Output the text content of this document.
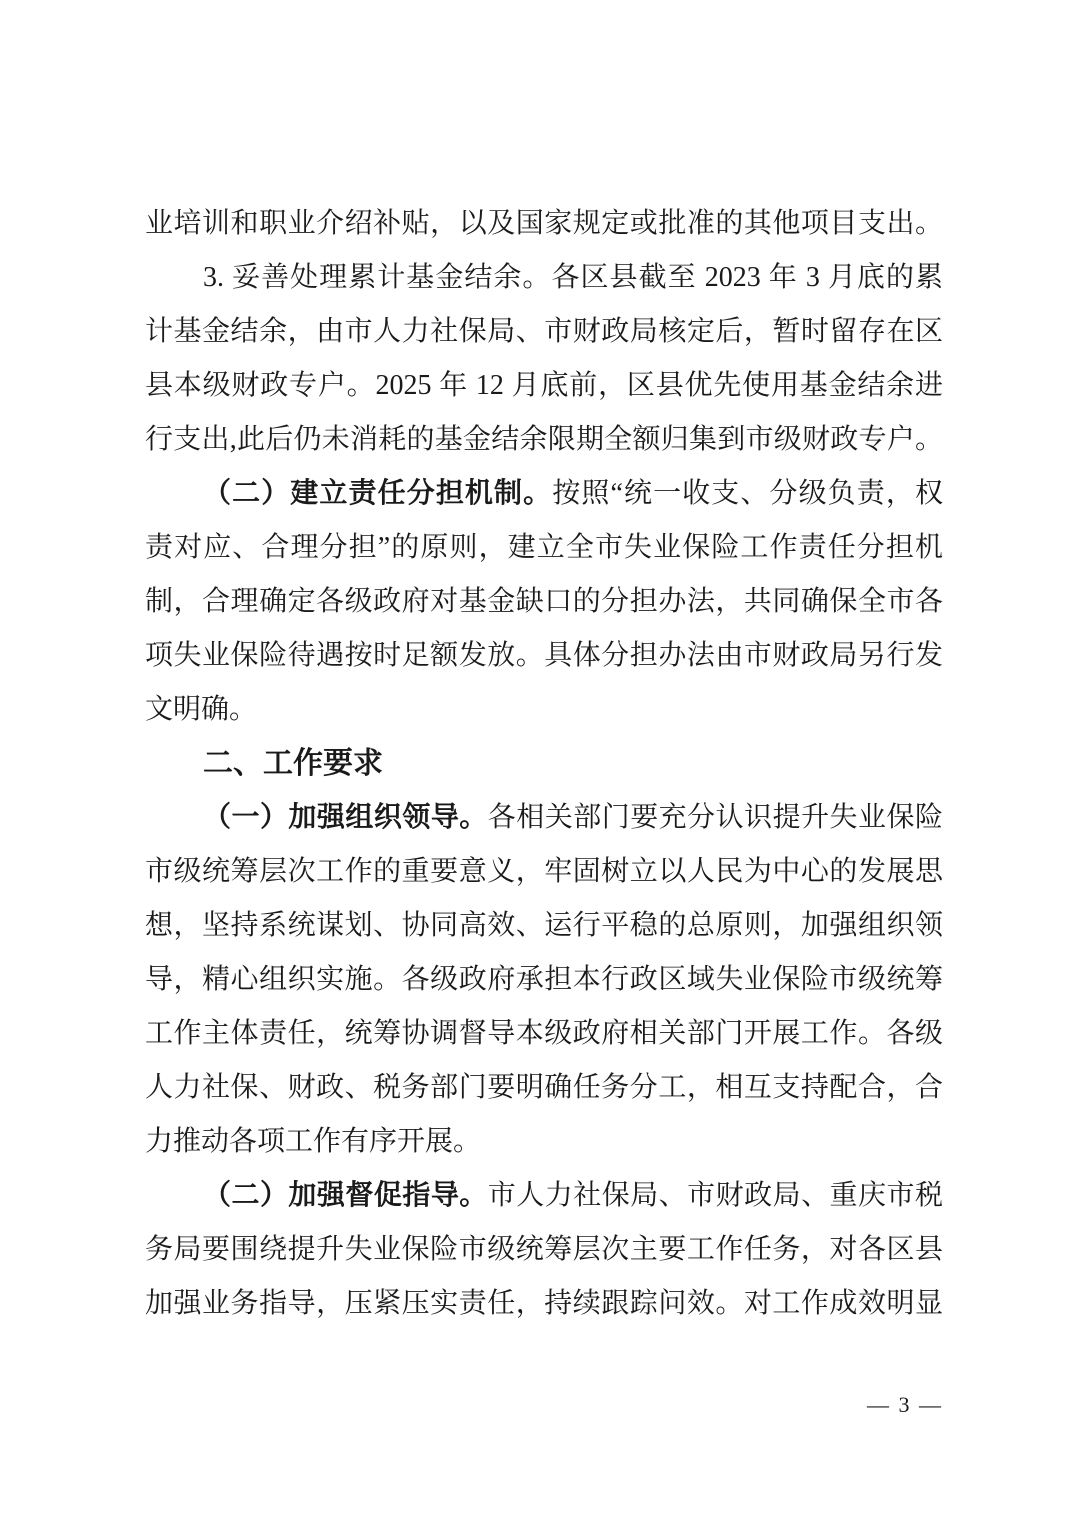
业培训和职业介绍补贴，以及国家规定或批准的其他项目支出。
3. 妥善处理累计基金结余。各区县截至 2023 年 3 月底的累
计基金结余，由市人力社保局、市财政局核定后，暂时留存在区
县本级财政专户。2025 年 12 月底前，区县优先使用基金结余进
行支出,此后仍未消耗的基金结余限期全额归集到市级财政专户。
（二）建立责任分担机制。按照“统一收支、分级负责，权
责对应、合理分担”的原则，建立全市失业保险工作责任分担机
制，合理确定各级政府对基金缺口的分担办法，共同确保全市各
项失业保险待遇按时足额发放。具体分担办法由市财政局另行发
文明确。
二、工作要求
（一）加强组织领导。各相关部门要充分认识提升失业保险
市级统筹层次工作的重要意义，牢固树立以人民为中心的发展思
想，坚持系统谋划、协同高效、运行平稳的总原则，加强组织领
导，精心组织实施。各级政府承担本行政区域失业保险市级统筹
工作主体责任，统筹协调督导本级政府相关部门开展工作。各级
人力社保、财政、税务部门要明确任务分工，相互支持配合，合
力推动各项工作有序开展。
（二）加强督促指导。市人力社保局、市财政局、重庆市税
务局要围绕提升失业保险市级统筹层次主要工作任务，对各区县
加强业务指导，压紧压实责任，持续跟踪问效。对工作成效明显
— 3 —
